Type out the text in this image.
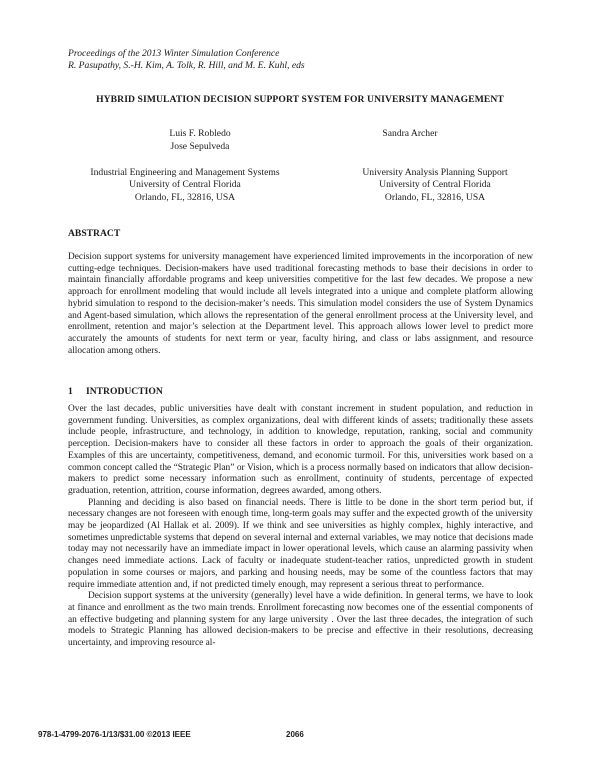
Proceedings of the 2013 Winter Simulation Conference
R. Pasupathy, S.-H. Kim, A. Tolk, R. Hill, and M. E. Kuhl, eds
HYBRID SIMULATION DECISION SUPPORT SYSTEM FOR UNIVERSITY MANAGEMENT
Luis F. Robledo
Jose Sepulveda
Sandra Archer
Industrial Engineering and Management Systems
University of Central Florida
Orlando, FL, 32816, USA
University Analysis Planning Support
University of Central Florida
Orlando, FL, 32816, USA
ABSTRACT

Decision support systems for university management have experienced limited improvements in the incorporation of new cutting-edge techniques. Decision-makers have used traditional forecasting methods to base their decisions in order to maintain financially affordable programs and keep universities competitive for the last few decades. We propose a new approach for enrollment modeling that would include all levels integrated into a unique and complete platform allowing hybrid simulation to respond to the decision-maker’s needs. This simulation model considers the use of System Dynamics and Agent-based simulation, which allows the representation of the general enrollment process at the University level, and enrollment, retention and major’s selection at the Department level. This approach allows lower level to predict more accurately the amounts of students for next term or year, faculty hiring, and class or labs assignment, and resource allocation among others.

1 INTRODUCTION

Over the last decades, public universities have dealt with constant increment in student population, and reduction in government funding. Universities, as complex organizations, deal with different kinds of assets; traditionally these assets include people, infrastructure, and technology, in addition to knowledge, reputation, ranking, social and community perception. Decision-makers have to consider all these factors in order to approach the goals of their organization. Examples of this are uncertainty, competitiveness, demand, and economic turmoil. For this, universities work based on a common concept called the “Strategic Plan” or Vision, which is a process normally based on indicators that allow decision-makers to predict some necessary information such as enrollment, continuity of students, percentage of expected graduation, retention, attrition, course information, degrees awarded, among others.

Planning and deciding is also based on financial needs. There is little to be done in the short term period but, if necessary changes are not foreseen with enough time, long-term goals may suffer and the expected growth of the university may be jeopardized (Al Hallak et al. 2009). If we think and see universities as highly complex, highly interactive, and sometimes unpredictable systems that depend on several internal and external variables, we may notice that decisions made today may not necessarily have an immediate impact in lower operational levels, which cause an alarming passivity when changes need immediate actions. Lack of faculty or inadequate student-teacher ratios, unpredicted growth in student population in some courses or majors, and parking and housing needs, may be some of the countless factors that may require immediate attention and, if not predicted timely enough, may represent a serious threat to performance.

Decision support systems at the university (generally) level have a wide definition. In general terms, we have to look at finance and enrollment as the two main trends. Enrollment forecasting now becomes one of the essential components of an effective budgeting and planning system for any large university . Over the last three decades, the integration of such models to Strategic Planning has allowed decision-makers to be precise and effective in their resolutions, decreasing uncertainty, and improving resource al-

978-1-4799-2076-1/13/$31.00 ©2013 IEEE	2066
